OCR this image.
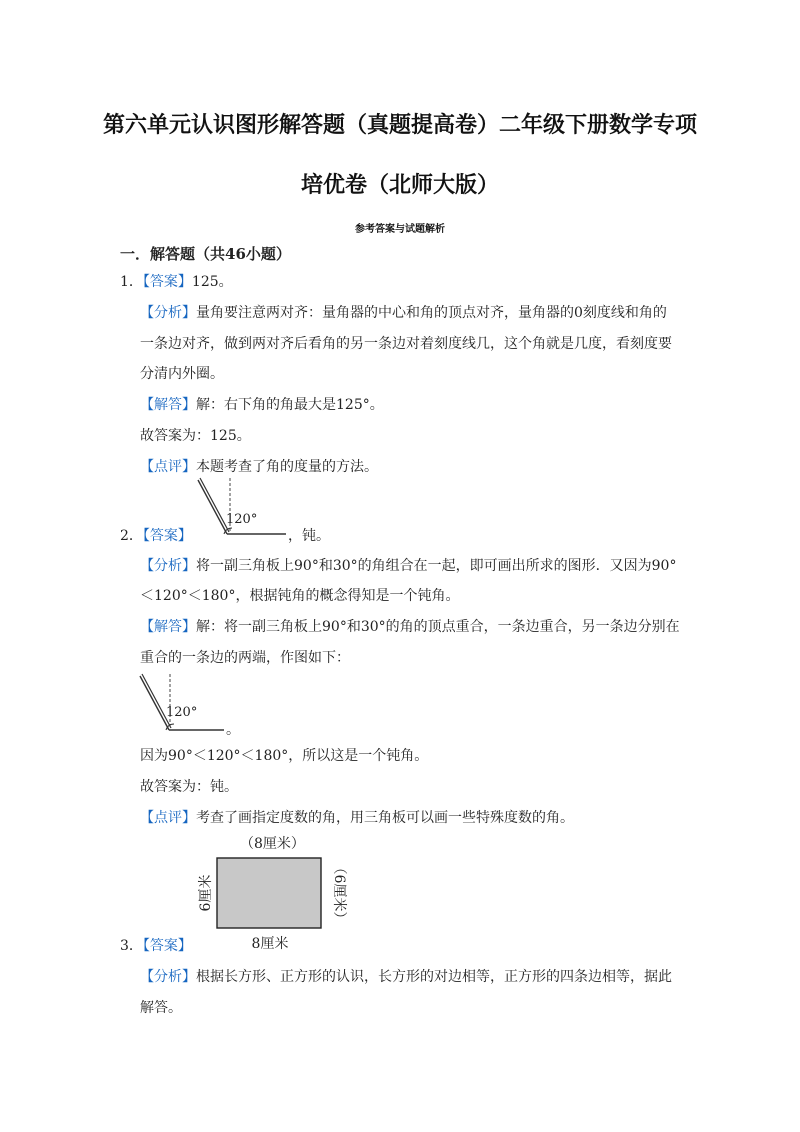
第六单元认识图形解答题（真题提高卷）二年级下册数学专项
培优卷（北师大版）
参考答案与试题解析
一．解答题（共46小题）
1．【答案】125。
【分析】量角要注意两对齐：量角器的中心和角的顶点对齐，量角器的0刻度线和角的
一条边对齐，做到两对齐后看角的另一条边对着刻度线几，这个角就是几度，看刻度要
分清内外圈。
【解答】解：右下角的角最大是125°。
故答案为：125。
【点评】本题考查了角的度量的方法。
120°
2．【答案】	，钝。
【分析】将一副三角板上90°和30°的角组合在一起，即可画出所求的图形．又因为90°
＜120°＜180°，根据钝角的概念得知是一个钝角。
【解答】解：将一副三角板上90°和30°的角的顶点重合，一条边重合，另一条边分别在
重合的一条边的两端，作图如下：
120°
。
因为90°＜120°＜180°，所以这是一个钝角。
故答案为：钝。
【点评】考查了画指定度数的角，用三角板可以画一些特殊度数的角。
（8厘米）
8厘米
6厘米	（6厘米）
3．【答案】
【分析】根据长方形、正方形的认识，长方形的对边相等，正方形的四条边相等，据此
解答。
